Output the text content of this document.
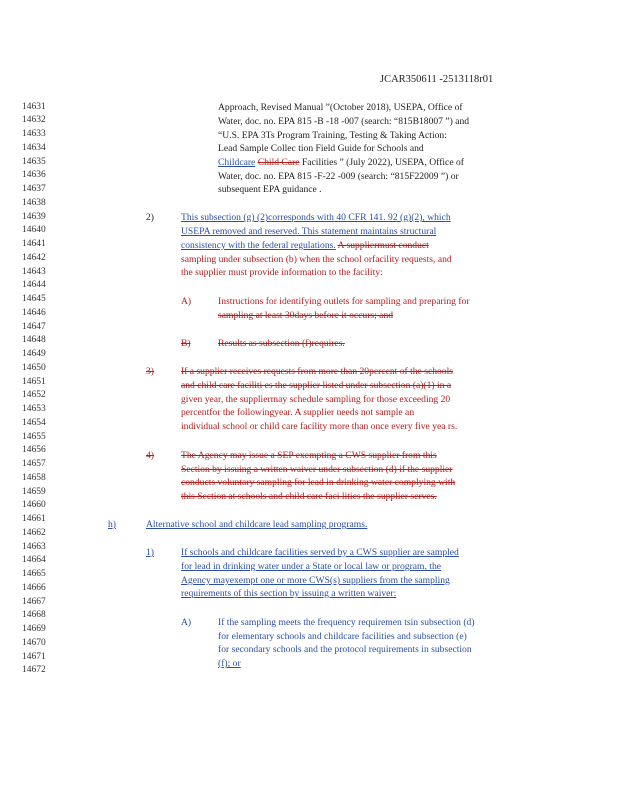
JCAR350611 -2513118r01
14631
14632
14633
14634
14635
14636
14637
14638
14639
14640
14641
14642
14643
14644
14645
14646
14647
14648
14649
14650
14651
14652
14653
14654
14655
14656
14657
14658
14659
14660
14661
14662
14663
14664
14665
14666
14667
14668
14669
14670
14671
14672
Approach, Revised Manual ”(October 2018), USEPA, Office of
Water, doc. no. EPA 815 -B -18 -007 (search: “815B18007 ”) and
“U.S. EPA 3Ts Program Training, Testing & Taking Action:
Lead Sample Collec tion Field Guide for Schools and
Childcare Child Care Facilities ” (July 2022), USEPA, Office of
Water, doc. no. EPA 815 -F-22 -009 (search: “815F22009 ”) or
subsequent EPA guidance .
2)	This subsection (g) (2)corresponds with 40 CFR 141. 92 (g)(2), which
USEPA removed and reserved. This statement maintains structural
consistency with the federal regulations. A suppliermust conduct
sampling under subsection (b) when the school orfacility requests, and
the supplier must provide information to the facility:
A)	Instructions for identifying outlets for sampling and preparing for
sampling at least 30days before it occurs; and
B)	Results as subsection (f)requires.
3)	If a supplier receives requests from more than 20percent of the schools
and child care faciliti es the supplier listed under subsection (a)(1) in a
given year, the suppliermay schedule sampling for those exceeding 20
percentfor the followingyear. A supplier needs not sample an
individual school or child care facility more than once every five yea rs.
4)	The Agency may issue a SEP exempting a CWS supplier from this
Section by issuing a written waiver under subsection (d) if the supplier
conducts voluntary sampling for lead in drinking water complying with
this Section at schools and child care faci lities the supplier serves.
h)	Alternative school and childcare lead sampling programs.
1)	If schools and childcare facilities served by a CWS supplier are sampled
for lead in drinking water under a State or local law or program, the
Agency mayexempt one or more CWS(s) suppliers from the sampling
requirements of this section by issuing a written waiver:
A)	If the sampling meets the frequency requiremen tsin subsection (d)
for elementary schools and childcare facilities and subsection (e)
for secondary schools and the protocol requirements in subsection
(f); or
